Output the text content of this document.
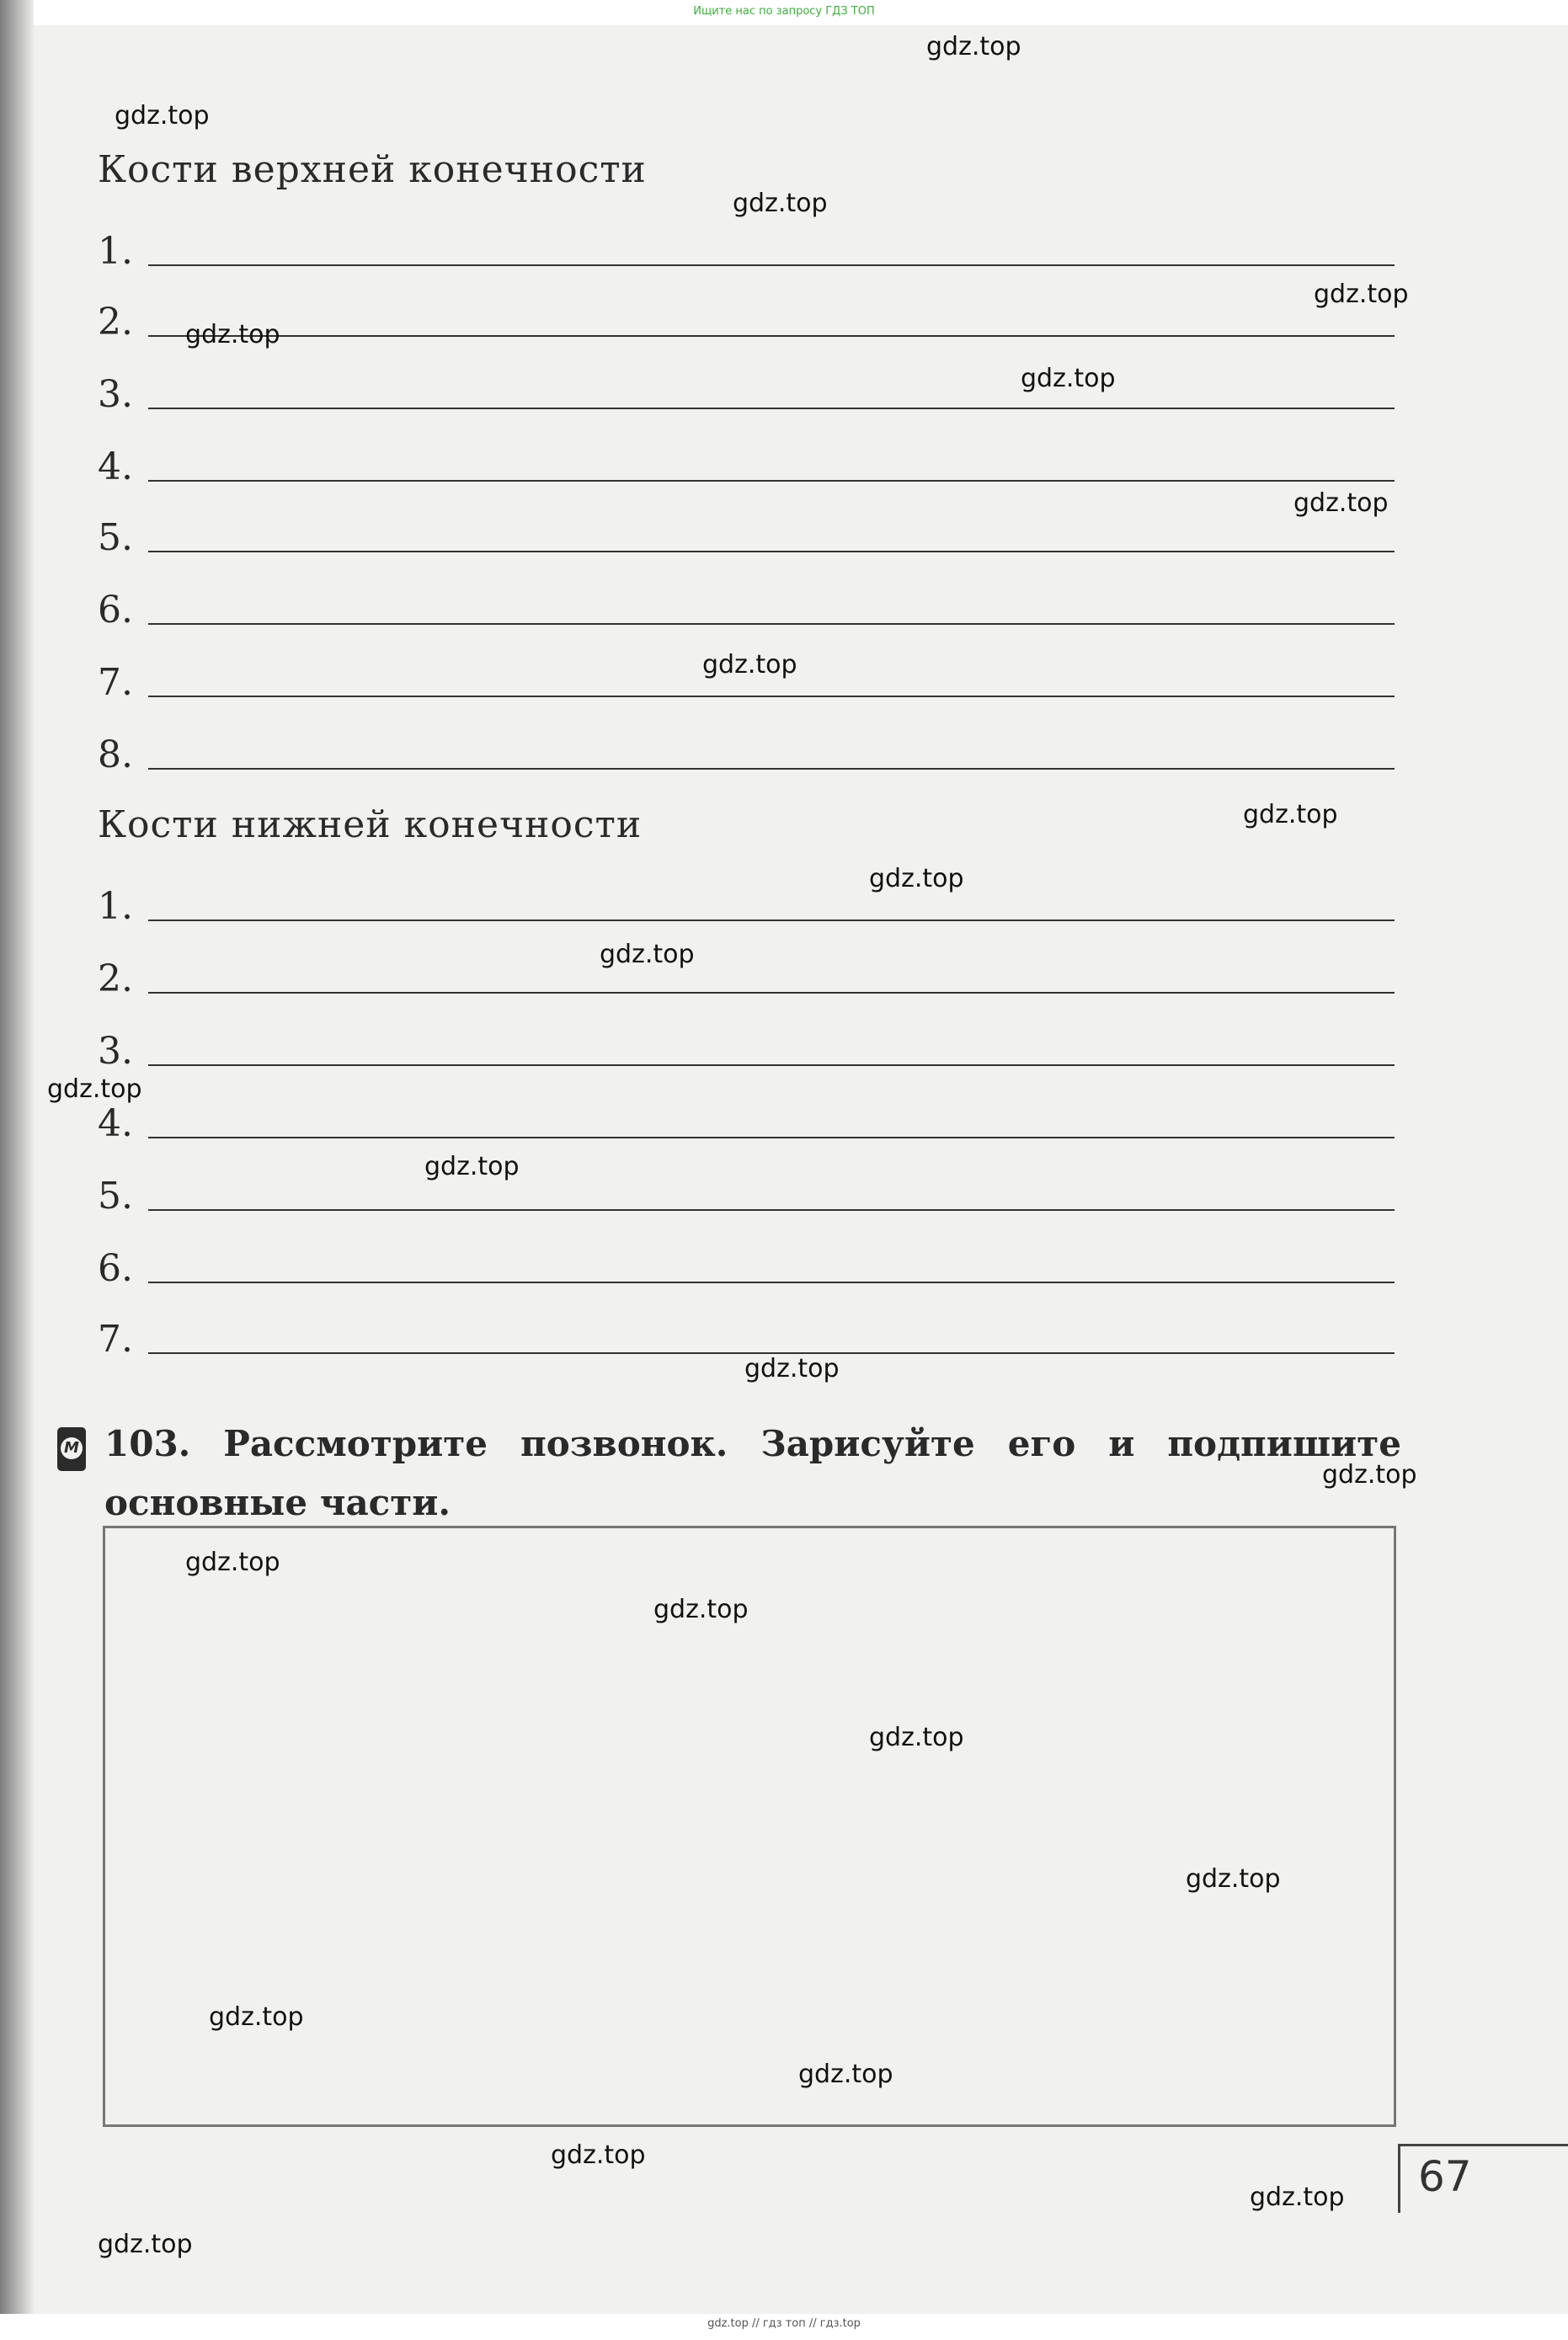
Ищите нас по запросу ГДЗ ТОП
Кости верхней конечности
1.
2.
3.
4.
5.
6.
7.
8.
Кости нижней конечности
1.
2.
3.
4.
5.
6.
7.
М 103. Рассмотрите позвонок. Зарисуйте его и подпишите основные части.
67
gdz.top
gdz.top
gdz.top
gdz.top
gdz.top
gdz.top
gdz.top
gdz.top
gdz.top
gdz.top
gdz.top
gdz.top
gdz.top
gdz.top
gdz.top
gdz.top
gdz.top
gdz.top
gdz.top
gdz.top
gdz.top
gdz.top
gdz.top
gdz.top
gdz.top // гдз топ // гдз.top
